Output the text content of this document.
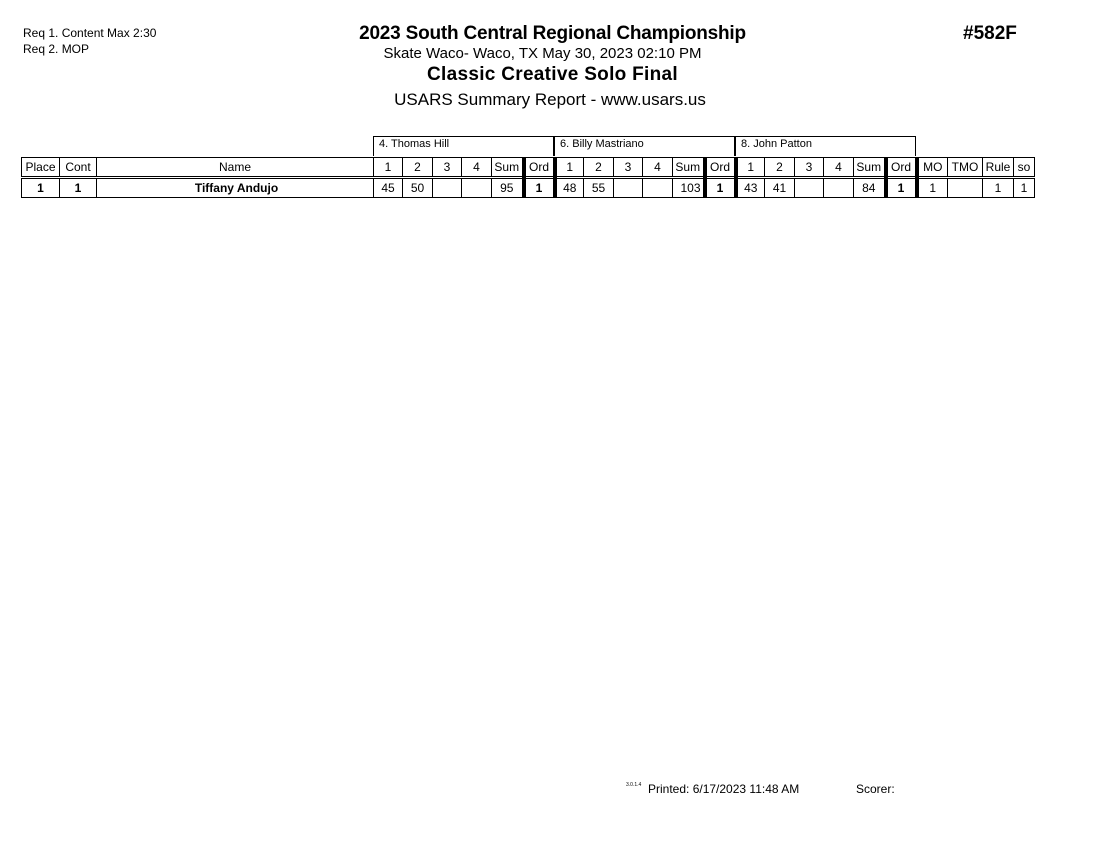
Req 1. Content Max 2:30
Req 2. MOP
2023 South Central Regional Championship
Skate Waco- Waco, TX May 30, 2023 02:10 PM
Classic Creative Solo Final
USARS Summary Report - www.usars.us
#582F
4. Thomas Hill	6. Billy Mastriano	8. John Patton
Place	Cont	Name	1	2	3	4	Sum	Ord	1	2	3	4	Sum	Ord	1	2	3	4	Sum	Ord	MO	TMO	Rule	so
1	1	Tiffany Andujo	45	50			95	1	48	55			103	1	43	41			84	1	1		1	1
3.0.1.4 Printed: 6/17/2023 11:48 AM	Scorer:
